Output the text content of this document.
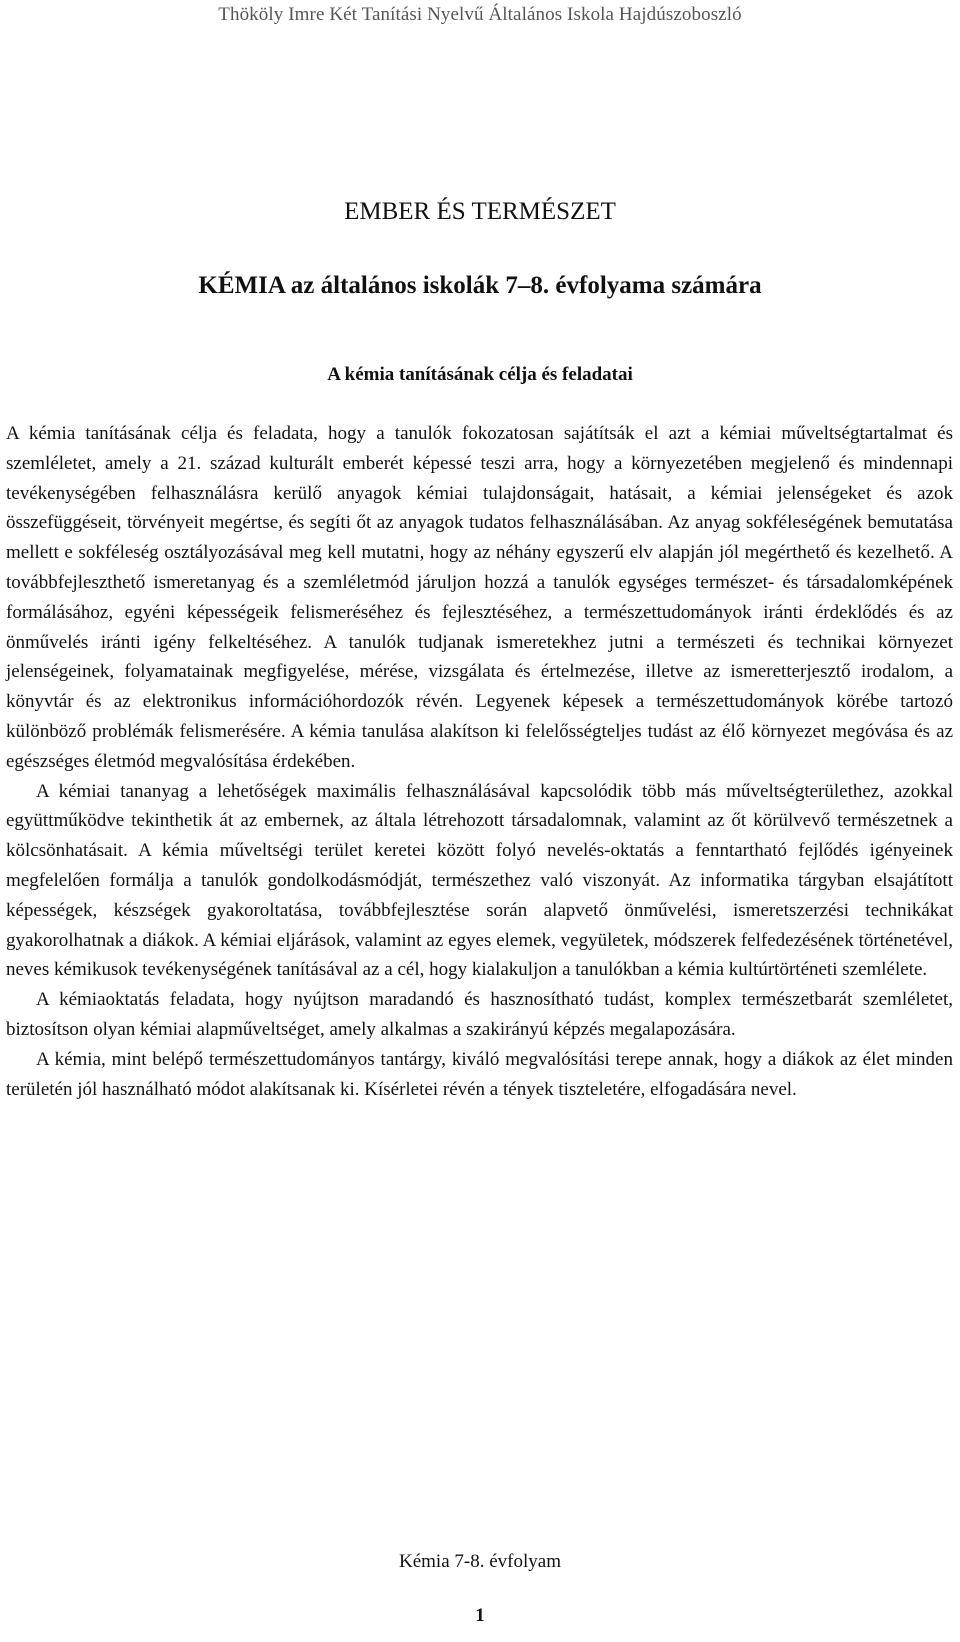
Thököly Imre Két Tanítási Nyelvű Általános Iskola Hajdúszoboszló
EMBER ÉS TERMÉSZET
KÉMIA az általános iskolák 7–8. évfolyama számára
A kémia tanításának célja és feladatai

A kémia tanításának célja és feladata, hogy a tanulók fokozatosan sajátítsák el azt a kémiai műveltségtartalmat és szemléletet, amely a 21. század kulturált emberét képessé teszi arra, hogy a környezetében megjelenő és mindennapi tevékenységében felhasználásra kerülő anyagok kémiai tulajdonságait, hatásait, a kémiai jelenségeket és azok összefüggéseit, törvényeit megértse, és segíti őt az anyagok tudatos felhasználásában. Az anyag sokféleségének bemutatása mellett e sokféleség osztályozásával meg kell mutatni, hogy az néhány egyszerű elv alapján jól megérthető és kezelhető. A továbbfejleszthető ismeretanyag és a szemléletmód járuljon hozzá a tanulók egységes természet- és társadalomképének formálásához, egyéni képességeik felismeréséhez és fejlesztéséhez, a természettudományok iránti érdeklődés és az önművelés iránti igény felkeltéséhez. A tanulók tudjanak ismeretekhez jutni a természeti és technikai környezet jelenségeinek, folyamatainak megfigyelése, mérése, vizsgálata és értelmezése, illetve az ismeretterjesztő irodalom, a könyvtár és az elektronikus információhordozók révén. Legyenek képesek a természettudományok körébe tartozó különböző problémák felismerésére. A kémia tanulása alakítson ki felelősségteljes tudást az élő környezet megóvása és az egészséges életmód megvalósítása érdekében.

A kémiai tananyag a lehetőségek maximális felhasználásával kapcsolódik több más műveltségterülethez, azokkal együttműködve tekinthetik át az embernek, az általa létrehozott társadalomnak, valamint az őt körülvevő természetnek a kölcsönhatásait. A kémia műveltségi terület keretei között folyó nevelés-oktatás a fenntartható fejlődés igényeinek megfelelően formálja a tanulók gondolkodásmódját, természethez való viszonyát. Az informatika tárgyban elsajátított képességek, készségek gyakoroltatása, továbbfejlesztése során alapvető önművelési, ismeretszerzési technikákat gyakorolhatnak a diákok. A kémiai eljárások, valamint az egyes elemek, vegyületek, módszerek felfedezésének történetével, neves kémikusok tevékenységének tanításával az a cél, hogy kialakuljon a tanulókban a kémia kultúrtörténeti szemlélete.

A kémiaoktatás feladata, hogy nyújtson maradandó és hasznosítható tudást, komplex természetbarát szemléletet, biztosítson olyan kémiai alapműveltséget, amely alkalmas a szakirányú képzés megalapozására.

A kémia, mint belépő természettudományos tantárgy, kiváló megvalósítási terepe annak, hogy a diákok az élet minden területén jól használható módot alakítsanak ki. Kísérletei révén a tények tiszteletére, elfogadására nevel.

Kémia 7-8. évfolyam
1
